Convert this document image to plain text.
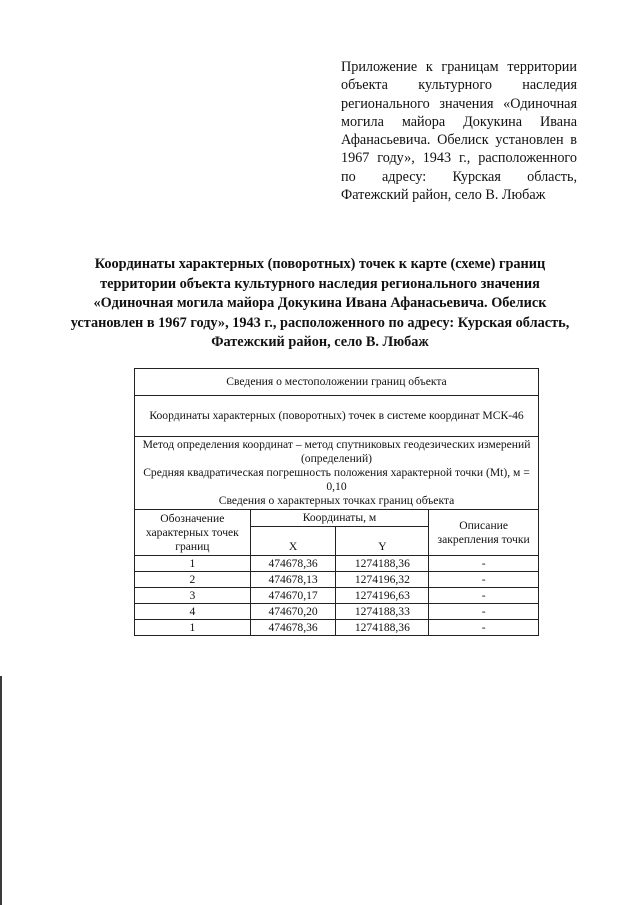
Приложение к границам территории объекта культурного наследия регионального значения «Одиночная могила майора Докукина Ивана Афанасьевича. Обелиск установлен в 1967 году», 1943 г., расположенного по адресу: Курская область, Фатежский район, село В. Любаж
Координаты характерных (поворотных) точек к карте (схеме) границ территории объекта культурного наследия регионального значения «Одиночная могила майора Докукина Ивана Афанасьевича. Обелиск установлен в 1967 году», 1943 г., расположенного по адресу: Курская область, Фатежский район, село В. Любаж
Сведения о местоположении границ объекта			
Координаты характерных (поворотных) точек в системе координат МСК-46			

Метод определения координат – метод спутниковых геодезических измерений (определений)
Средняя квадратическая погрешность положения характерной точки (Mt), м = 0,10
Сведения о характерных точках границ объекта			

Обозначение характерных точек границ	Координаты, м		Описание закрепления точки
	X	Y	
1	474678,36	1274188,36	-
2	474678,13	1274196,32	-
3	474670,17	1274196,63	-
4	474670,20	1274188,33	-
1	474678,36	1274188,36	-
